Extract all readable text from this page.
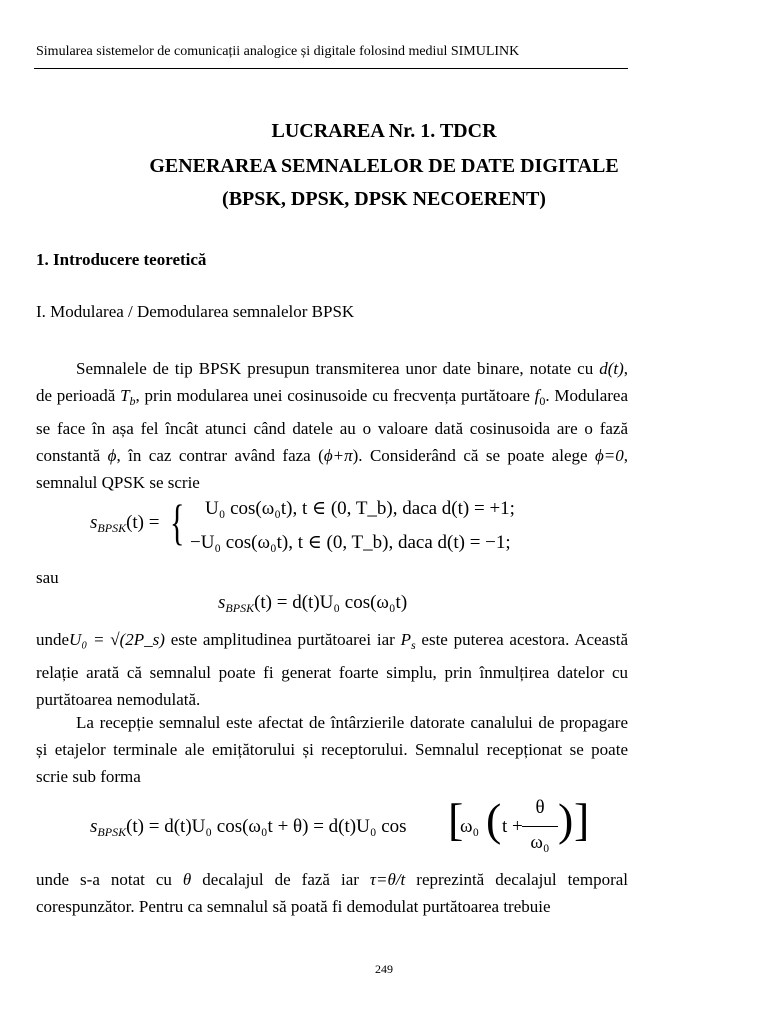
Simularea sistemelor de comunicații analogice și digitale folosind mediul SIMULINK
LUCRAREA Nr. 1. TDCR
GENERAREA SEMNALELOR DE DATE DIGITALE
(BPSK, DPSK, DPSK NECOERENT)
1. Introducere teoretică
I. Modularea / Demodularea semnalelor BPSK

Semnalele de tip BPSK presupun transmiterea unor date binare, notate cu d(t), de perioadă $T_b$, prin modularea unei cosinusoide cu frecvența purtătoare $f_0$. Modularea se face în așa fel încât atunci când datele au o valoare dată cosinusoida are o fază constantă ϕ, în caz contrar având faza (ϕ+π). Considerând că se poate alege ϕ=0, semnalul QPSK se scrie

$s_{BPSK}(t)$ = { U₀ cos(ω₀t), t ∈ (0, T_b), daca d(t) = +1;
−U₀ cos(ω₀t), t ∈ (0, T_b), daca d(t) = −1;
sau
$s_{BPSK}(t) = d(t)U_0$ cos(ω₀t)

undeU₀ = √(2P_s) este amplitudinea purtătoarei iar $P_s$ este puterea acestora. Această relație arată că semnalul poate fi generat foarte simplu, prin înmulțirea datelor cu purtătoarea nemodulată.

La recepție semnalul este afectat de întârzierile datorate canalului de propagare și etajelor terminale ale emițătorului și receptorului. Semnalul recepționat se poate scrie sub forma

$s_{BPSK}(t) = d(t)U_0$ cos(ω₀t + θ) = d(t)U₀ cos [
ω₀ ( t +
θ
ω₀ ) ]

unde s-a notat cu θ decalajul de fază iar τ=θ/t reprezintă decalajul temporal corespunzător. Pentru ca semnalul să poată fi demodulat purtătoarea trebuie

249
